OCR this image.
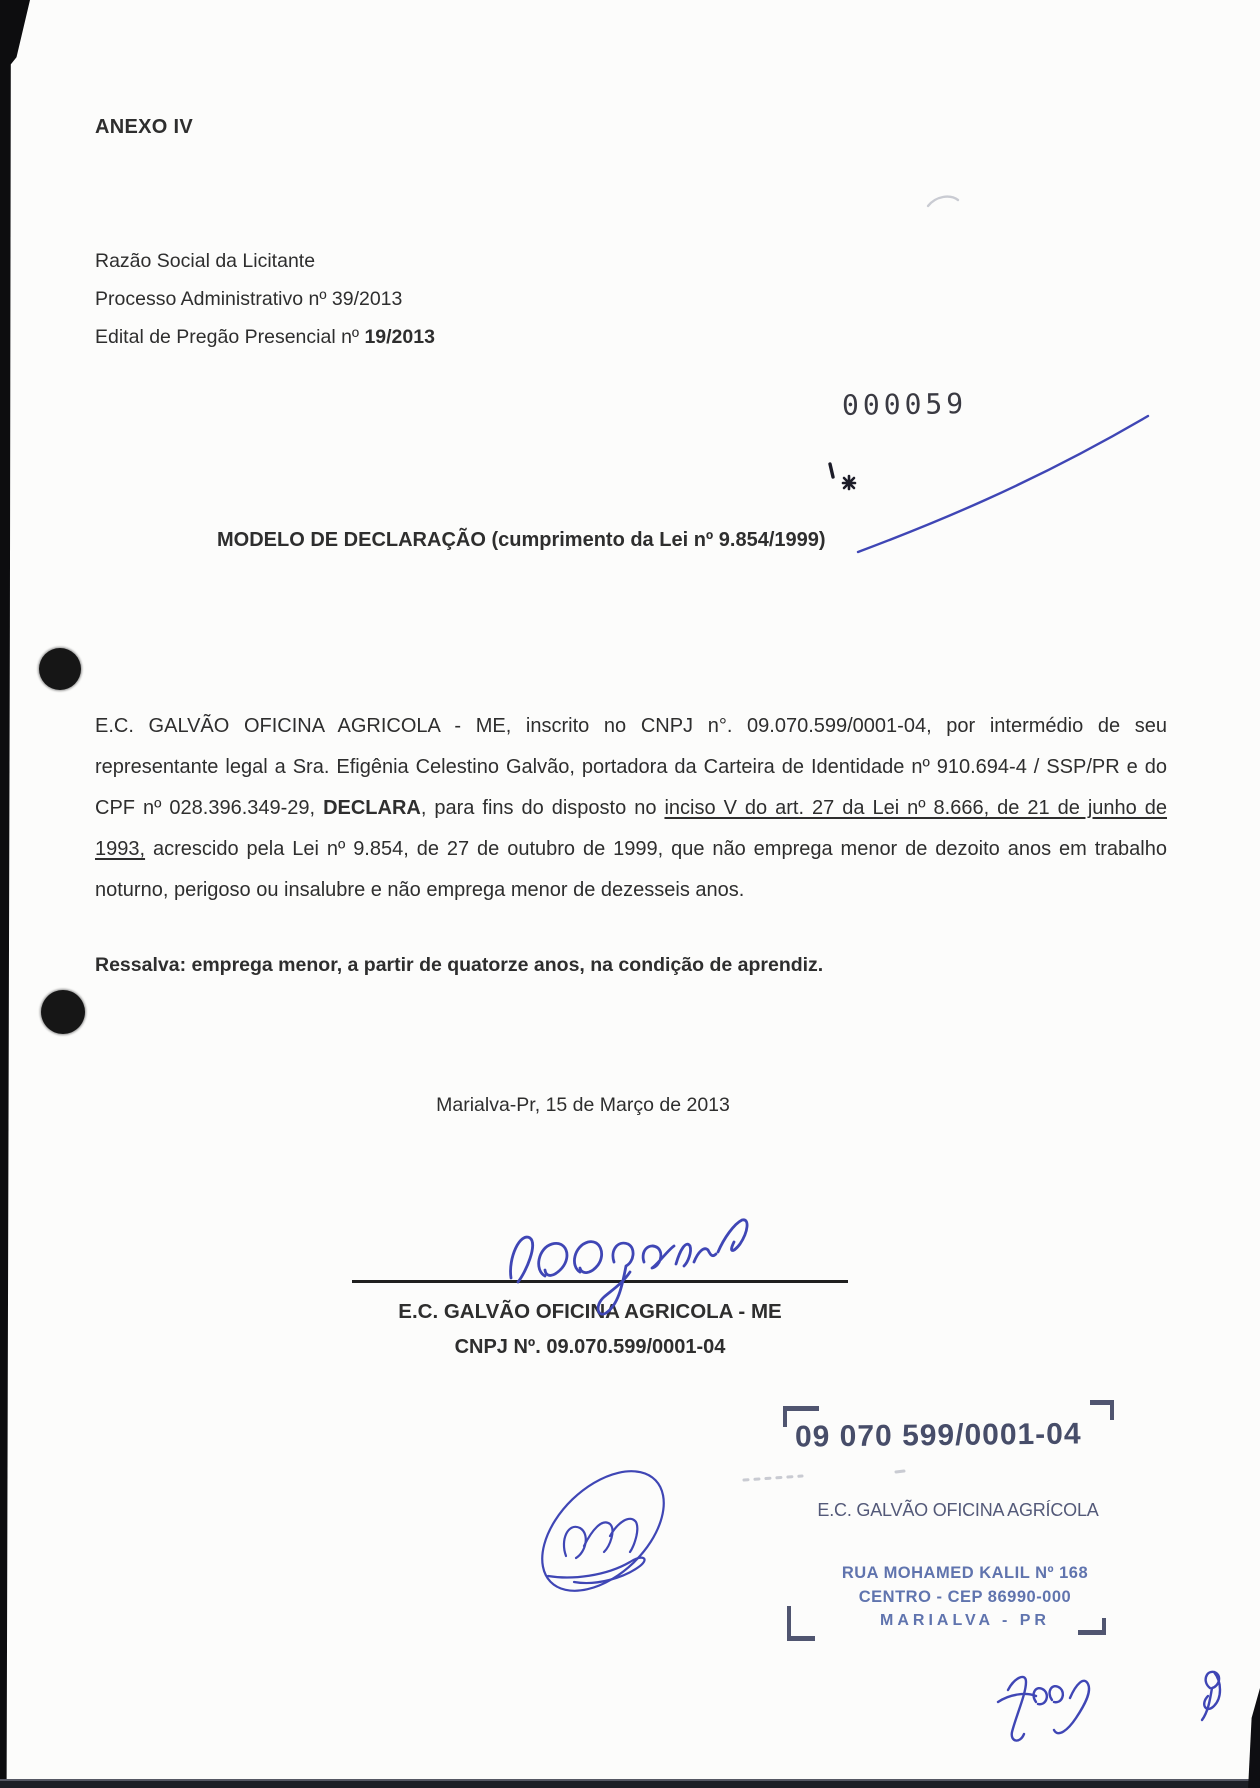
ANEXO IV
Razão Social da Licitante
Processo Administrativo nº 39/2013
Edital de Pregão Presencial nº 19/2013
000059
MODELO DE DECLARAÇÃO (cumprimento da Lei nº 9.854/1999)

E.C. GALVÃO OFICINA AGRICOLA - ME, inscrito no CNPJ n°. 09.070.599/0001-04, por intermédio de seu representante legal a Sra. Efigênia Celestino Galvão, portadora da Carteira de Identidade nº 910.694-4 / SSP/PR e do CPF nº 028.396.349-29, DECLARA, para fins do disposto no inciso V do art. 27 da Lei nº 8.666, de 21 de junho de 1993, acrescido pela Lei nº 9.854, de 27 de outubro de 1999, que não emprega menor de dezoito anos em trabalho noturno, perigoso ou insalubre e não emprega menor de dezesseis anos.

Ressalva: emprega menor, a partir de quatorze anos, na condição de aprendiz.

Marialva-Pr, 15 de Março de 2013

E.C. GALVÃO OFICINA AGRICOLA - ME

CNPJ Nº. 09.070.599/0001-04

09 070 599/0001-04
E.C. GALVÃO OFICINA AGRÍCOLA

RUA MOHAMED KALIL Nº 168

CENTRO - CEP 86990-000

MARIALVA - PR
